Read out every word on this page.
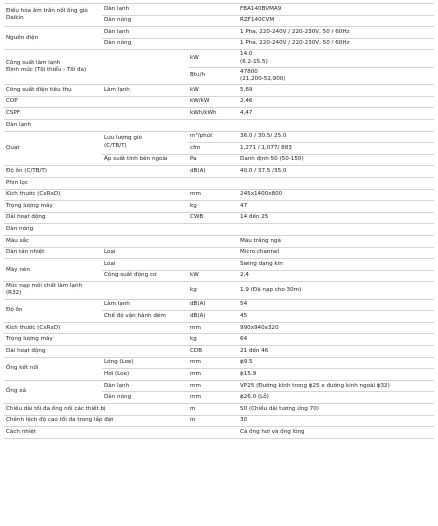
Điều hòa âm trần nối ống gió
Daikin	Dàn lạnh		FBA140BVMA9
	Dàn nóng		RZF140CVM
Nguồn điện	Dàn lạnh		1 Pha, 220-240V / 220-230V, 50 / 60Hz
	Dàn nóng		1 Pha, 220-240V / 220-230V, 50 / 60Hz
Công suất làm lạnh
Định mức (Tối thiểu - Tối đa)		kW	14.0
(6.2-15.5)
		Btu/h	47800
(21,200-52,900)
Công suất điện tiêu thụ	Làm lạnh	kW	5,69
COP		kW/kW	2,46
CSPF		kWh/kWh	4,47
Dàn lạnh			
Quạt	Lưu lượng gió
(C/TB/T)	m³/phút	36.0 / 30.5/ 25.0
		cfm	1,271 / 1,077/ 883
	Áp suất tĩnh bên ngoài	Pa	Danh định 50 (50-150)
Độ ồn (C/TB/T)		dB(A)	40.0 / 37.5 /35.0
Phin lọc			
Kích thước (CxRxD)		mm	245x1400x800
Trọng lượng máy		kg	47
Dải hoạt động		CWB	14 đến 25
Dàn nóng			
Màu sắc			Màu trắng ngà
Dàn tản nhiệt	Loại		Micro channel
Máy nén	Loại		Swing dạng kín
	Công suất động cơ	kW	2,4
Mức nạp môi chất làm lạnh
(R32)		kg	1.9 (Đã nạp cho 30m)
Độ ồn	Làm lạnh	dB(A)	54
	Chế độ vận hành đêm	dB(A)	45
Kích thước (CxRxD)		mm	990x940x320
Trọng lượng máy		kg	64
Dải hoạt động		CDB	21 đến 46
Ống kết nối	Lỏng (Loe)	mm	ϕ9.5
	Hơi (Loe)	mm	ϕ15.9
Ống xả	Dàn lạnh	mm	VP25 (Đường kính trong ϕ25 x đường kính ngoài ϕ32)
	Dàn nóng	mm	ϕ26.0 (Lỗ)
Chiều dài tối đa ống nối các thiết bị		m	50 (Chiều dài tương ứng 70)
Chênh lệch độ cao tối đa trong lắp đặt		m	30
Cách nhiệt			Cả ống hơi và ống lỏng
